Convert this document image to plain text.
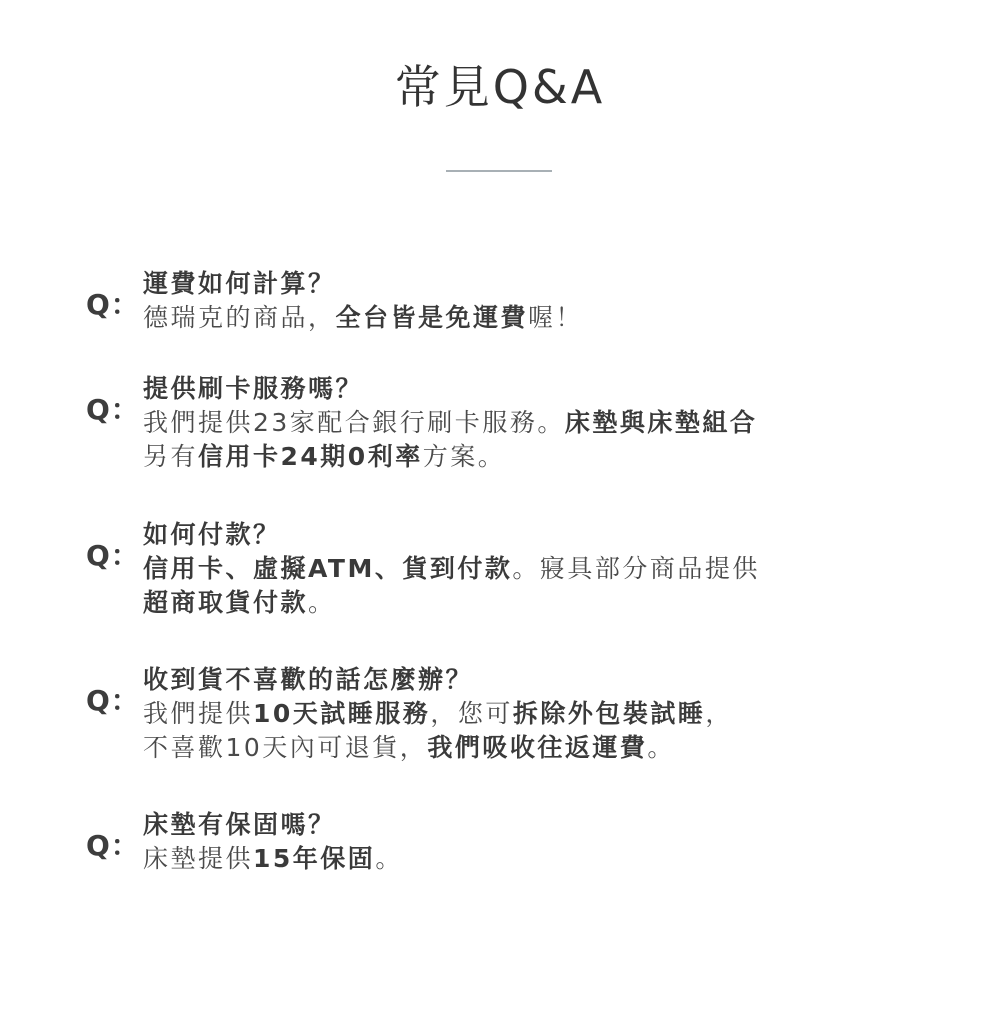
常見Q&A
Q：
運費如何計算？
德瑞克的商品，全台皆是免運費喔！
Q：
提供刷卡服務嗎？
我們提供23家配合銀行刷卡服務。床墊與床墊組合
另有信用卡24期0利率方案。
Q：
如何付款？
信用卡、虛擬ATM、貨到付款。寢具部分商品提供
超商取貨付款。
Q：
收到貨不喜歡的話怎麼辦？
我們提供10天試睡服務，您可拆除外包裝試睡，
不喜歡10天內可退貨，我們吸收往返運費。
Q：
床墊有保固嗎？
床墊提供15年保固。
